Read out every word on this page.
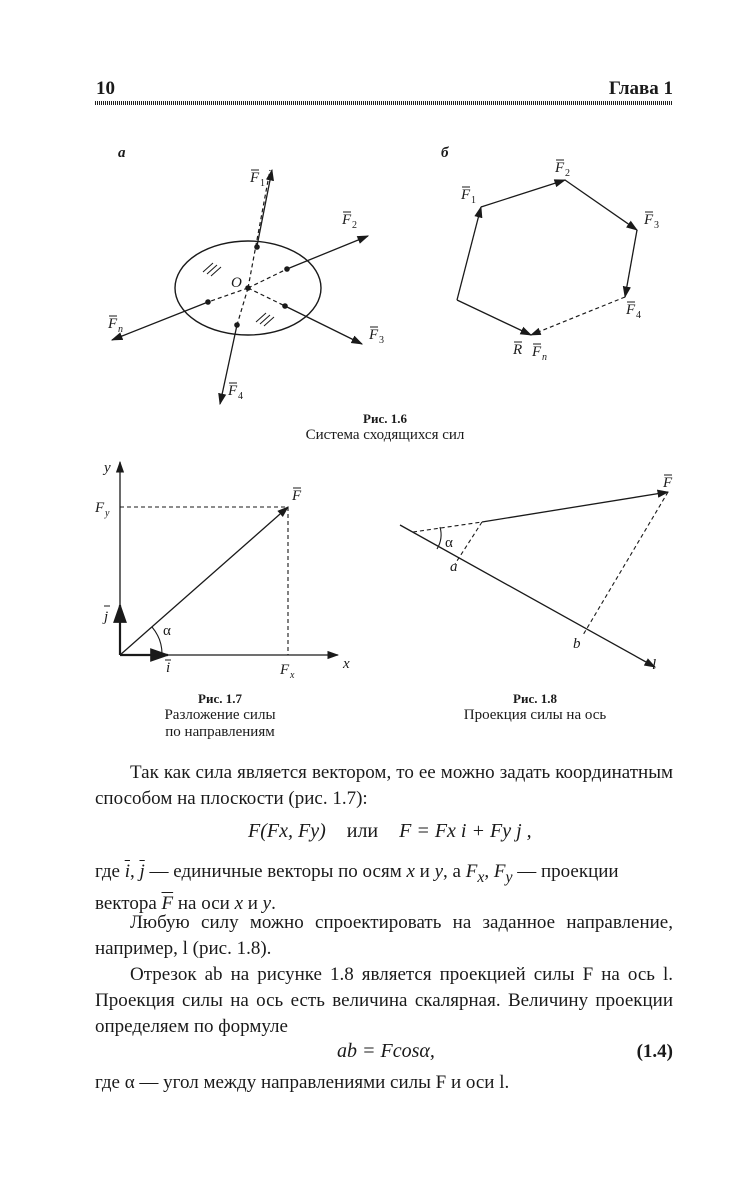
10	Глава 1
а
O
F 1
F 2
F 3
F 4
F n
б
F 1
F 2
F 3
F 4
R F n
y
x
F y
F x
F
j
i
α
α
a
b
l
F
Рис. 1.6
Система сходящихся сил
Рис. 1.7
Разложение силы
по направлениям
Рис. 1.8
Проекция силы на ось
Так как сила является вектором, то ее можно задать координатным способом на плоскости (рис. 1.7):
F(Fx, Fy) или F = Fx i + Fy j ,
где $\overline{i}$, $\overline{j}$ — единичные векторы по осям x и y, а $F_x$, $F_y$ — проекции вектора $\overline{F}$ на оси x и y.
Любую силу можно спроектировать на заданное направление, например, l (рис. 1.8).
Отрезок ab на рисунке 1.8 является проекцией силы F на ось l. Проекция силы на ось есть величина скалярная. Величину проекции определяем по формуле
ab = Fcosα,	(1.4)
где α — угол между направлениями силы F и оси l.
